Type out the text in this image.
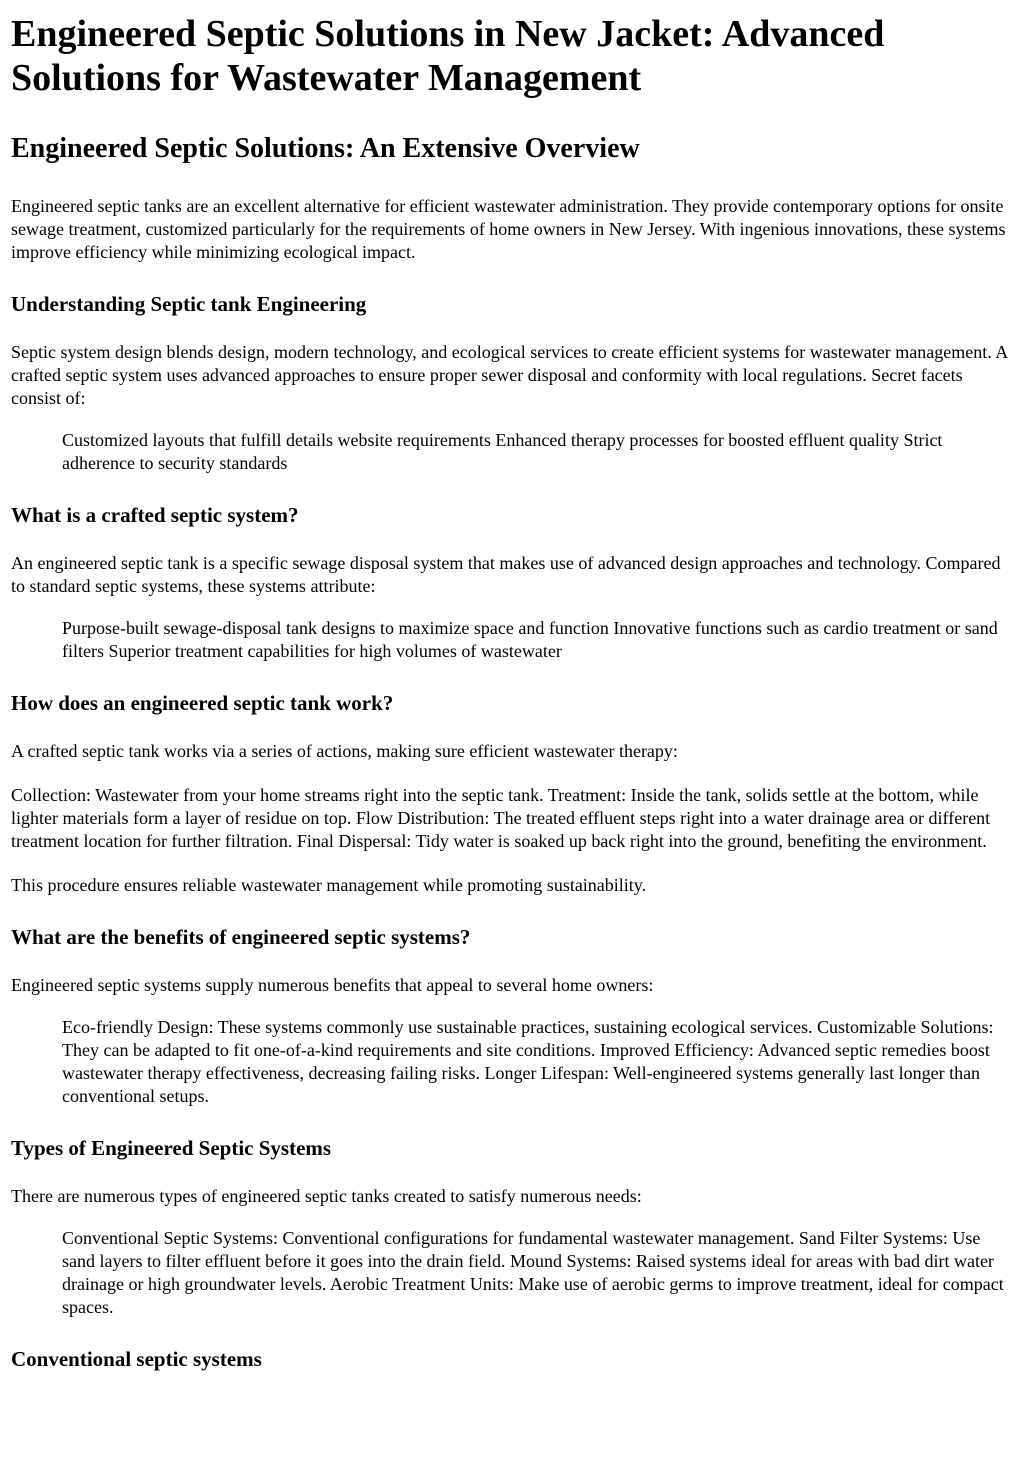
Engineered Septic Solutions in New Jacket: Advanced Solutions for Wastewater Management
Engineered Septic Solutions: An Extensive Overview

Engineered septic tanks are an excellent alternative for efficient wastewater administration. They provide contemporary options for onsite sewage treatment, customized particularly for the requirements of home owners in New Jersey. With ingenious innovations, these systems improve efficiency while minimizing ecological impact.

Understanding Septic tank Engineering

Septic system design blends design, modern technology, and ecological services to create efficient systems for wastewater management. A crafted septic system uses advanced approaches to ensure proper sewer disposal and conformity with local regulations. Secret facets consist of:

Customized layouts that fulfill details website requirements Enhanced therapy processes for boosted effluent quality Strict adherence to security standards
What is a crafted septic system?

An engineered septic tank is a specific sewage disposal system that makes use of advanced design approaches and technology. Compared to standard septic systems, these systems attribute:

Purpose-built sewage-disposal tank designs to maximize space and function Innovative functions such as cardio treatment or sand filters Superior treatment capabilities for high volumes of wastewater
How does an engineered septic tank work?

A crafted septic tank works via a series of actions, making sure efficient wastewater therapy:

Collection: Wastewater from your home streams right into the septic tank. Treatment: Inside the tank, solids settle at the bottom, while lighter materials form a layer of residue on top. Flow Distribution: The treated effluent steps right into a water drainage area or different treatment location for further filtration. Final Dispersal: Tidy water is soaked up back right into the ground, benefiting the environment.

This procedure ensures reliable wastewater management while promoting sustainability.

What are the benefits of engineered septic systems?

Engineered septic systems supply numerous benefits that appeal to several home owners:

Eco-friendly Design: These systems commonly use sustainable practices, sustaining ecological services. Customizable Solutions: They can be adapted to fit one-of-a-kind requirements and site conditions. Improved Efficiency: Advanced septic remedies boost wastewater therapy effectiveness, decreasing failing risks. Longer Lifespan: Well-engineered systems generally last longer than conventional setups.
Types of Engineered Septic Systems

There are numerous types of engineered septic tanks created to satisfy numerous needs:

Conventional Septic Systems: Conventional configurations for fundamental wastewater management. Sand Filter Systems: Use sand layers to filter effluent before it goes into the drain field. Mound Systems: Raised systems ideal for areas with bad dirt water drainage or high groundwater levels. Aerobic Treatment Units: Make use of aerobic germs to improve treatment, ideal for compact spaces.
Conventional septic systems
